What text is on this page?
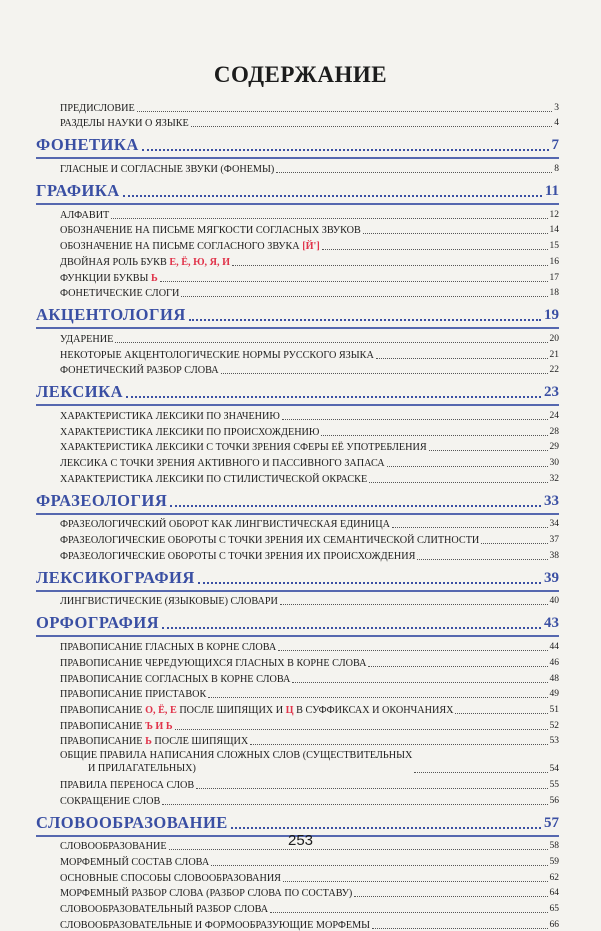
СОДЕРЖАНИЕ
ПРЕДИСЛОВИЕ	3
РАЗДЕЛЫ НАУКИ О ЯЗЫКЕ	4
ФОНЕТИКА	7
ГЛАСНЫЕ И СОГЛАСНЫЕ ЗВУКИ (ФОНЕМЫ)	8
ГРАФИКА	11
АЛФАВИТ	12
ОБОЗНАЧЕНИЕ НА ПИСЬМЕ МЯГКОСТИ СОГЛАСНЫХ ЗВУКОВ	14
ОБОЗНАЧЕНИЕ НА ПИСЬМЕ СОГЛАСНОГО ЗВУКА [Й']	15
ДВОЙНАЯ РОЛЬ БУКВ Е, Ё, Ю, Я, И	16
ФУНКЦИИ БУКВЫ Ь	17
ФОНЕТИЧЕСКИЕ СЛОГИ	18
АКЦЕНТОЛОГИЯ	19
УДАРЕНИЕ	20
НЕКОТОРЫЕ АКЦЕНТОЛОГИЧЕСКИЕ НОРМЫ РУССКОГО ЯЗЫКА	21
ФОНЕТИЧЕСКИЙ РАЗБОР СЛОВА	22
ЛЕКСИКА	23
ХАРАКТЕРИСТИКА ЛЕКСИКИ ПО ЗНАЧЕНИЮ	24
ХАРАКТЕРИСТИКА ЛЕКСИКИ ПО ПРОИСХОЖДЕНИЮ	28
ХАРАКТЕРИСТИКА ЛЕКСИКИ С ТОЧКИ ЗРЕНИЯ СФЕРЫ ЕЁ УПОТРЕБЛЕНИЯ	29
ЛЕКСИКА С ТОЧКИ ЗРЕНИЯ АКТИВНОГО И ПАССИВНОГО ЗАПАСА	30
ХАРАКТЕРИСТИКА ЛЕКСИКИ ПО СТИЛИСТИЧЕСКОЙ ОКРАСКЕ	32
ФРАЗЕОЛОГИЯ	33
ФРАЗЕОЛОГИЧЕСКИЙ ОБОРОТ КАК ЛИНГВИСТИЧЕСКАЯ ЕДИНИЦА	34
ФРАЗЕОЛОГИЧЕСКИЕ ОБОРОТЫ С ТОЧКИ ЗРЕНИЯ ИХ СЕМАНТИЧЕСКОЙ СЛИТНОСТИ	37
ФРАЗЕОЛОГИЧЕСКИЕ ОБОРОТЫ С ТОЧКИ ЗРЕНИЯ ИХ ПРОИСХОЖДЕНИЯ	38
ЛЕКСИКОГРАФИЯ	39
ЛИНГВИСТИЧЕСКИЕ (ЯЗЫКОВЫЕ) СЛОВАРИ	40
ОРФОГРАФИЯ	43
ПРАВОПИСАНИЕ ГЛАСНЫХ В КОРНЕ СЛОВА	44
ПРАВОПИСАНИЕ ЧЕРЕДУЮЩИХСЯ ГЛАСНЫХ В КОРНЕ СЛОВА	46
ПРАВОПИСАНИЕ СОГЛАСНЫХ В КОРНЕ СЛОВА	48
ПРАВОПИСАНИЕ ПРИСТАВОК	49
ПРАВОПИСАНИЕ О, Ё, Е ПОСЛЕ ШИПЯЩИХ И Ц В СУФФИКСАХ И ОКОНЧАНИЯХ	51
ПРАВОПИСАНИЕ Ъ И Ь	52
ПРАВОПИСАНИЕ Ь ПОСЛЕ ШИПЯЩИХ	53
ОБЩИЕ ПРАВИЛА НАПИСАНИЯ СЛОЖНЫХ СЛОВ (СУЩЕСТВИТЕЛЬНЫХ
И ПРИЛАГАТЕЛЬНЫХ)	54
ПРАВИЛА ПЕРЕНОСА СЛОВ	55
СОКРАЩЕНИЕ СЛОВ	56
СЛОВООБРАЗОВАНИЕ	57
СЛОВООБРАЗОВАНИЕ	58
МОРФЕМНЫЙ СОСТАВ СЛОВА	59
ОСНОВНЫЕ СПОСОБЫ СЛОВООБРАЗОВАНИЯ	62
МОРФЕМНЫЙ РАЗБОР СЛОВА (РАЗБОР СЛОВА ПО СОСТАВУ)	64
СЛОВООБРАЗОВАТЕЛЬНЫЙ РАЗБОР СЛОВА	65
СЛОВООБРАЗОВАТЕЛЬНЫЕ И ФОРМООБРАЗУЮЩИЕ МОРФЕМЫ	66
253
